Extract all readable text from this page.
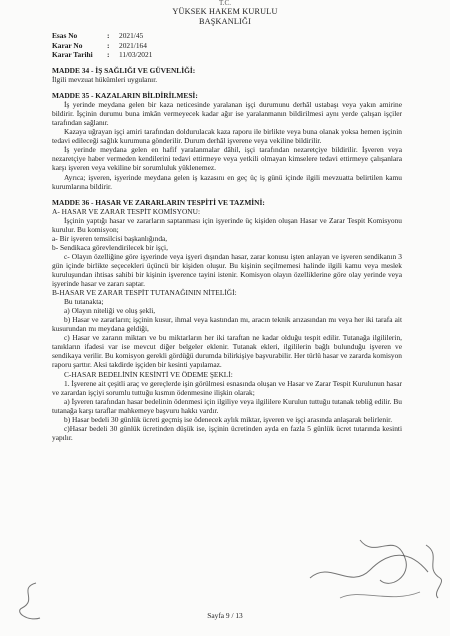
T.C.
YÜKSEK HAKEM KURULU
BAŞKANLIĞI
Esas No	:	2021/45
Karar No	:	2021/164
Karar Tarihi	:	11/03/2021
MADDE 34 - İŞ SAĞLIĞI VE GÜVENLİĞİ:
İlgili mevzuat hükümleri uygulanır.
MADDE 35 - KAZALARIN BİLDİRİLMESİ:
İş yerinde meydana gelen bir kaza neticesinde yaralanan işçi durumunu derhâl ustabaşı veya yakın amirine bildirir. İşçinin durumu buna imkân vermeyecek kadar ağır ise yaralanmanın bildirilmesi aynı yerde çalışan işçiler tarafından sağlanır.
Kazaya uğrayan işçi amiri tarafından doldurulacak kaza raporu ile birlikte veya buna olanak yoksa hemen işçinin tedavi edileceği sağlık kurumuna gönderilir. Durum derhâl işverene veya vekiline bildirilir.
İş yerinde meydana gelen en hafif yaralanmalar dâhil, işçi tarafından nezaretçiye bildirilir. İşveren veya nezaretçiye haber vermeden kendilerini tedavi ettirmeye veya yetkili olmayan kimselere tedavi ettirmeye çalışanlara karşı işveren veya vekiline bir sorumluluk yüklenemez.
Ayrıca; işveren, işyerinde meydana gelen iş kazasını en geç üç iş günü içinde ilgili mevzuatta belirtilen kamu kurumlarına bildirir.
MADDE 36 - HASAR VE ZARARLARIN TESPİTİ VE TAZMİNİ:
A- HASAR VE ZARAR TESPİT KOMİSYONU:
İşçinin yaptığı hasar ve zararların saptanması için işyerinde üç kişiden oluşan Hasar ve Zarar Tespit Komisyonu kurulur. Bu komisyon;
a- Bir işveren temsilcisi başkanlığında,
b- Sendikaca görevlendirilecek bir işçi,
c- Olayın özelliğine göre işyerinde veya işyeri dışından hasar, zarar konusu işten anlayan ve işveren sendikanın 3 gün içinde birlikte seçecekleri üçüncü bir kişiden oluşur. Bu kişinin seçilmemesi halinde ilgili kamu veya meslek kuruluşundan ihtisas sahibi bir kişinin işverence tayini istenir. Komisyon olayın özelliklerine göre olay yerinde veya işyerinde hasar ve zararı saptar.
B-HASAR VE ZARAR TESPİT TUTANAĞININ NİTELİĞİ:
Bu tutanakta;
a) Olayın niteliği ve oluş şekli,
b) Hasar ve zararların; işçinin kusur, ihmal veya kastından mı, aracın teknik arızasından mı veya her iki tarafa ait kusurundan mı meydana geldiği,
c) Hasar ve zararın miktarı ve bu miktarların her iki taraftan ne kadar olduğu tespit edilir. Tutanağa ilgililerin, tanıkların ifadesi var ise mevcut diğer belgeler eklenir. Tutanak ekleri, ilgililerin bağlı bulunduğu işveren ve sendikaya verilir. Bu komisyon gerekli gördüğü durumda bilirkişiye başvurabilir. Her türlü hasar ve zararda komisyon raporu şarttır. Aksi takdirde işçiden bir kesinti yapılamaz.
C-HASAR BEDELİNİN KESİNTİ VE ÖDEME ŞEKLİ:
1. İşverene ait çeşitli araç ve gereçlerde işin görülmesi esnasında oluşan ve Hasar ve Zarar Tespit Kurulunun hasar ve zarardan işçiyi sorumlu tuttuğu kısmın ödenmesine ilişkin olarak;
a) İşveren tarafından hasar bedelinin ödenmesi için ilgiliye veya ilgililere Kurulun tuttuğu tutanak tebliğ edilir. Bu tutanağa karşı taraflar mahkemeye başvuru hakkı vardır.
b) Hasar bedeli 30 günlük ücreti geçmiş ise ödenecek aylık miktar, işveren ve işçi arasında anlaşarak belirlenir.
c)Hasar bedeli 30 günlük ücretinden düşük ise, işçinin ücretinden ayda en fazla 5 günlük ücret tutarında kesinti yapılır.
Sayfa 9 / 13
